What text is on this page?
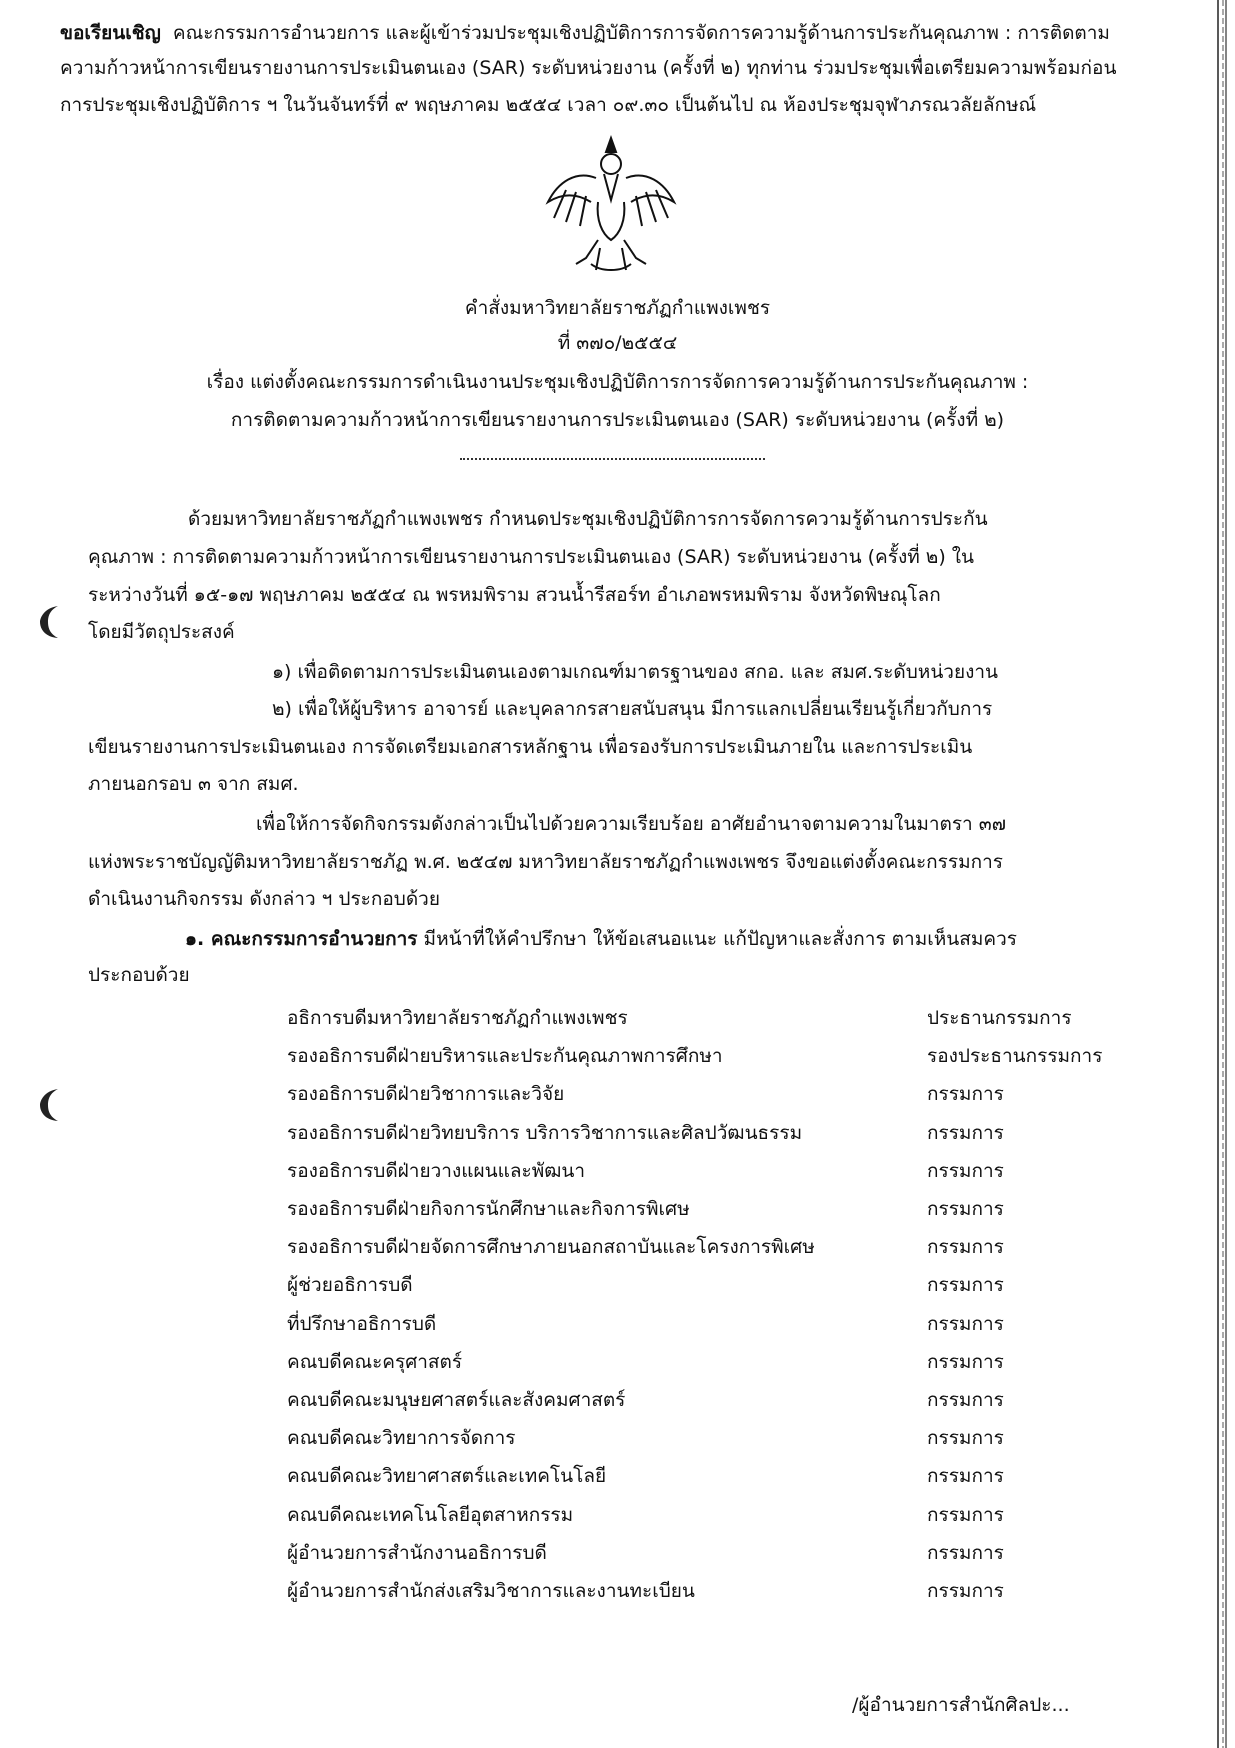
ขอเรียนเชิญ คณะกรรมการอำนวยการ และผู้เข้าร่วมประชุมเชิงปฏิบัติการการจัดการความรู้ด้านการประกันคุณภาพ : การติดตาม
ความก้าวหน้าการเขียนรายงานการประเมินตนเอง (SAR) ระดับหน่วยงาน (ครั้งที่ ๒) ทุกท่าน ร่วมประชุมเพื่อเตรียมความพร้อมก่อน
การประชุมเชิงปฏิบัติการ ฯ ในวันจันทร์ที่ ๙ พฤษภาคม ๒๕๕๔ เวลา ๐๙.๓๐ เป็นต้นไป ณ ห้องประชุมจุฬาภรณวลัยลักษณ์
คำสั่งมหาวิทยาลัยราชภัฏกำแพงเพชร
ที่ ๓๗๐/๒๕๕๔
เรื่อง แต่งตั้งคณะกรรมการดำเนินงานประชุมเชิงปฏิบัติการการจัดการความรู้ด้านการประกันคุณภาพ :
การติดตามความก้าวหน้าการเขียนรายงานการประเมินตนเอง (SAR) ระดับหน่วยงาน (ครั้งที่ ๒)
ด้วยมหาวิทยาลัยราชภัฏกำแพงเพชร กำหนดประชุมเชิงปฏิบัติการการจัดการความรู้ด้านการประกัน
คุณภาพ : การติดตามความก้าวหน้าการเขียนรายงานการประเมินตนเอง (SAR) ระดับหน่วยงาน (ครั้งที่ ๒) ใน
ระหว่างวันที่ ๑๕-๑๗ พฤษภาคม ๒๕๕๔ ณ พรหมพิราม สวนน้ำรีสอร์ท อำเภอพรหมพิราม จังหวัดพิษณุโลก
โดยมีวัตถุประสงค์
๑) เพื่อติดตามการประเมินตนเองตามเกณฑ์มาตรฐานของ สกอ. และ สมศ.ระดับหน่วยงาน
๒) เพื่อให้ผู้บริหาร อาจารย์ และบุคลากรสายสนับสนุน มีการแลกเปลี่ยนเรียนรู้เกี่ยวกับการ
เขียนรายงานการประเมินตนเอง การจัดเตรียมเอกสารหลักฐาน เพื่อรองรับการประเมินภายใน และการประเมิน
ภายนอกรอบ ๓ จาก สมศ.
เพื่อให้การจัดกิจกรรมดังกล่าวเป็นไปด้วยความเรียบร้อย อาศัยอำนาจตามความในมาตรา ๓๗
แห่งพระราชบัญญัติมหาวิทยาลัยราชภัฏ พ.ศ. ๒๕๔๗ มหาวิทยาลัยราชภัฏกำแพงเพชร จึงขอแต่งตั้งคณะกรรมการ
ดำเนินงานกิจกรรม ดังกล่าว ฯ ประกอบด้วย
๑. คณะกรรมการอำนวยการ มีหน้าที่ให้คำปรึกษา ให้ข้อเสนอแนะ แก้ปัญหาและสั่งการ ตามเห็นสมควร
ประกอบด้วย
อธิการบดีมหาวิทยาลัยราชภัฏกำแพงเพชร	ประธานกรรมการ
รองอธิการบดีฝ่ายบริหารและประกันคุณภาพการศึกษา	รองประธานกรรมการ
รองอธิการบดีฝ่ายวิชาการและวิจัย	กรรมการ
รองอธิการบดีฝ่ายวิทยบริการ บริการวิชาการและศิลปวัฒนธรรม	กรรมการ
รองอธิการบดีฝ่ายวางแผนและพัฒนา	กรรมการ
รองอธิการบดีฝ่ายกิจการนักศึกษาและกิจการพิเศษ	กรรมการ
รองอธิการบดีฝ่ายจัดการศึกษาภายนอกสถาบันและโครงการพิเศษ	กรรมการ
ผู้ช่วยอธิการบดี	กรรมการ
ที่ปรึกษาอธิการบดี	กรรมการ
คณบดีคณะครุศาสตร์	กรรมการ
คณบดีคณะมนุษยศาสตร์และสังคมศาสตร์	กรรมการ
คณบดีคณะวิทยาการจัดการ	กรรมการ
คณบดีคณะวิทยาศาสตร์และเทคโนโลยี	กรรมการ
คณบดีคณะเทคโนโลยีอุตสาหกรรม	กรรมการ
ผู้อำนวยการสำนักงานอธิการบดี	กรรมการ
ผู้อำนวยการสำนักส่งเสริมวิชาการและงานทะเบียน	กรรมการ
/ผู้อำนวยการสำนักศิลปะ...
